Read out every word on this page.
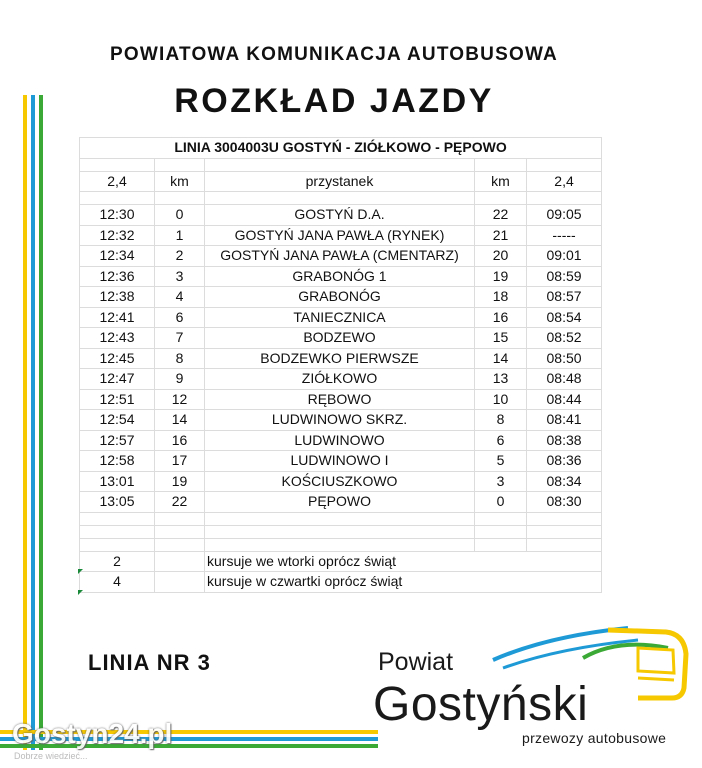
POWIATOWA KOMUNIKACJA AUTOBUSOWA
ROZKŁAD JAZDY
LINIA 3004003U GOSTYŃ - ZIÓŁKOWO - PĘPOWO				

2,4	km	przystanek	km	2,4

12:30	0	GOSTYŃ D.A.	22	09:05
12:32	1	GOSTYŃ JANA PAWŁA (RYNEK)	21	-----
12:34	2	GOSTYŃ JANA PAWŁA (CMENTARZ)	20	09:01
12:36	3	GRABONÓG 1	19	08:59
12:38	4	GRABONÓG	18	08:57
12:41	6	TANIECZNICA	16	08:54
12:43	7	BODZEWO	15	08:52
12:45	8	BODZEWKO PIERWSZE	14	08:50
12:47	9	ZIÓŁKOWO	13	08:48
12:51	12	RĘBOWO	10	08:44
12:54	14	LUDWINOWO SKRZ.	8	08:41
12:57	16	LUDWINOWO	6	08:38
12:58	17	LUDWINOWO I	5	08:36
13:01	19	KOŚCIUSZKOWO	3	08:34
13:05	22	PĘPOWO	0	08:30

2		kursuje we wtorki oprócz świąt		
4		kursuje w czwartki oprócz świąt		
LINIA NR 3	Powiat
Gostyński
przewozy autobusowe
Gostyn24.pl
Dobrze wiedzieć...
